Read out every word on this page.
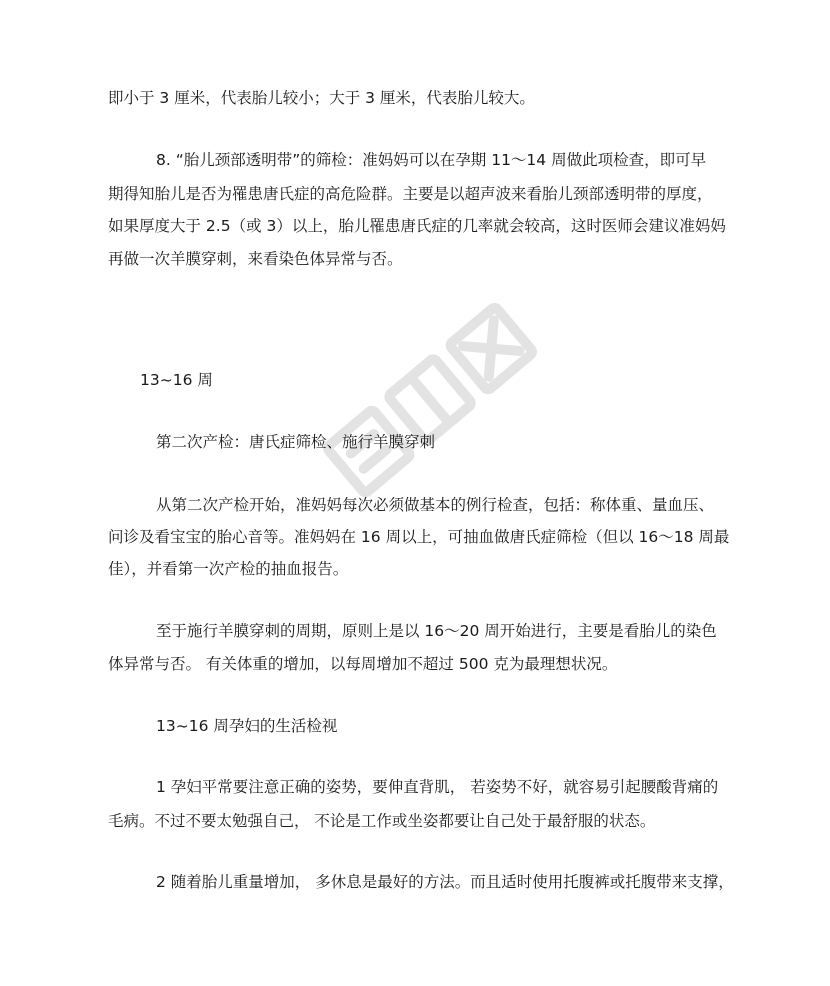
即小于 3 厘米，代表胎儿较小；大于 3 厘米，代表胎儿较大。
8. “胎儿颈部透明带”的筛检：准妈妈可以在孕期 11～14 周做此项检查，即可早
期得知胎儿是否为罹患唐氏症的高危险群。主要是以超声波来看胎儿颈部透明带的厚度，
如果厚度大于 2.5（或 3）以上，胎儿罹患唐氏症的几率就会较高，这时医师会建议准妈妈
再做一次羊膜穿刺，来看染色体异常与否。
13~16 周
第二次产检：唐氏症筛检、施行羊膜穿刺
从第二次产检开始，准妈妈每次必须做基本的例行检查，包括：称体重、量血压、
问诊及看宝宝的胎心音等。准妈妈在 16 周以上，可抽血做唐氏症筛检（但以 16～18 周最
佳），并看第一次产检的抽血报告。
至于施行羊膜穿刺的周期，原则上是以 16～20 周开始进行，主要是看胎儿的染色
体异常与否。 有关体重的增加，以每周增加不超过 500 克为最理想状况。
13~16 周孕妇的生活检视
1 孕妇平常要注意正确的姿势，要伸直背肌， 若姿势不好，就容易引起腰酸背痛的
毛病。不过不要太勉强自己， 不论是工作或坐姿都要让自己处于最舒服的状态。
2 随着胎儿重量增加， 多休息是最好的方法。而且适时使用托腹裤或托腹带来支撑，
